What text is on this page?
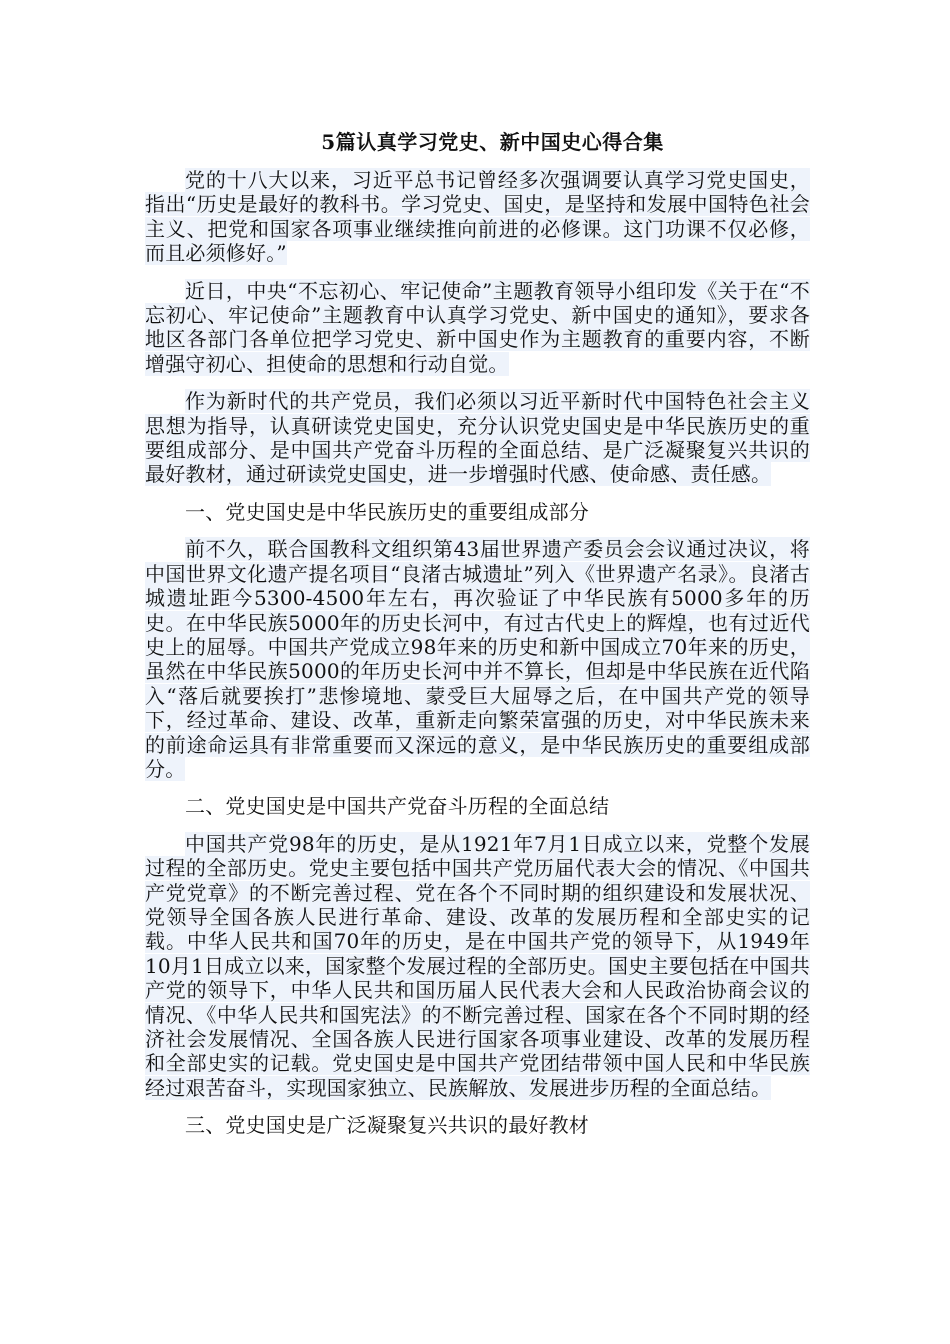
5篇认真学习党史、新中国史心得合集

党的十八大以来，习近平总书记曾经多次强调要认真学习党史国史，指出“历史是最好的教科书。学习党史、国史，是坚持和发展中国特色社会主义、把党和国家各项事业继续推向前进的必修课。这门功课不仅必修，而且必须修好。”

近日，中央“不忘初心、牢记使命”主题教育领导小组印发《关于在“不忘初心、牢记使命”主题教育中认真学习党史、新中国史的通知》，要求各地区各部门各单位把学习党史、新中国史作为主题教育的重要内容，不断增强守初心、担使命的思想和行动自觉。

作为新时代的共产党员，我们必须以习近平新时代中国特色社会主义思想为指导，认真研读党史国史，充分认识党史国史是中华民族历史的重要组成部分、是中国共产党奋斗历程的全面总结、是广泛凝聚复兴共识的最好教材，通过研读党史国史，进一步增强时代感、使命感、责任感。

一、党史国史是中华民族历史的重要组成部分

前不久，联合国教科文组织第43届世界遗产委员会会议通过决议，将中国世界文化遗产提名项目“良渚古城遗址”列入《世界遗产名录》。良渚古城遗址距今5300-4500年左右，再次验证了中华民族有5000多年的历史。在中华民族5000年的历史长河中，有过古代史上的辉煌，也有过近代史上的屈辱。中国共产党成立98年来的历史和新中国成立70年来的历史，虽然在中华民族5000的年历史长河中并不算长，但却是中华民族在近代陷入“落后就要挨打”悲惨境地、蒙受巨大屈辱之后，在中国共产党的领导下，经过革命、建设、改革，重新走向繁荣富强的历史，对中华民族未来的前途命运具有非常重要而又深远的意义，是中华民族历史的重要组成部分。

二、党史国史是中国共产党奋斗历程的全面总结

中国共产党98年的历史，是从1921年7月1日成立以来，党整个发展过程的全部历史。党史主要包括中国共产党历届代表大会的情况、《中国共产党党章》的不断完善过程、党在各个不同时期的组织建设和发展状况、党领导全国各族人民进行革命、建设、改革的发展历程和全部史实的记载。中华人民共和国70年的历史，是在中国共产党的领导下，从1949年10月1日成立以来，国家整个发展过程的全部历史。国史主要包括在中国共产党的领导下，中华人民共和国历届人民代表大会和人民政治协商会议的情况、《中华人民共和国宪法》的不断完善过程、国家在各个不同时期的经济社会发展情况、全国各族人民进行国家各项事业建设、改革的发展历程和全部史实的记载。党史国史是中国共产党团结带领中国人民和中华民族经过艰苦奋斗，实现国家独立、民族解放、发展进步历程的全面总结。

三、党史国史是广泛凝聚复兴共识的最好教材
